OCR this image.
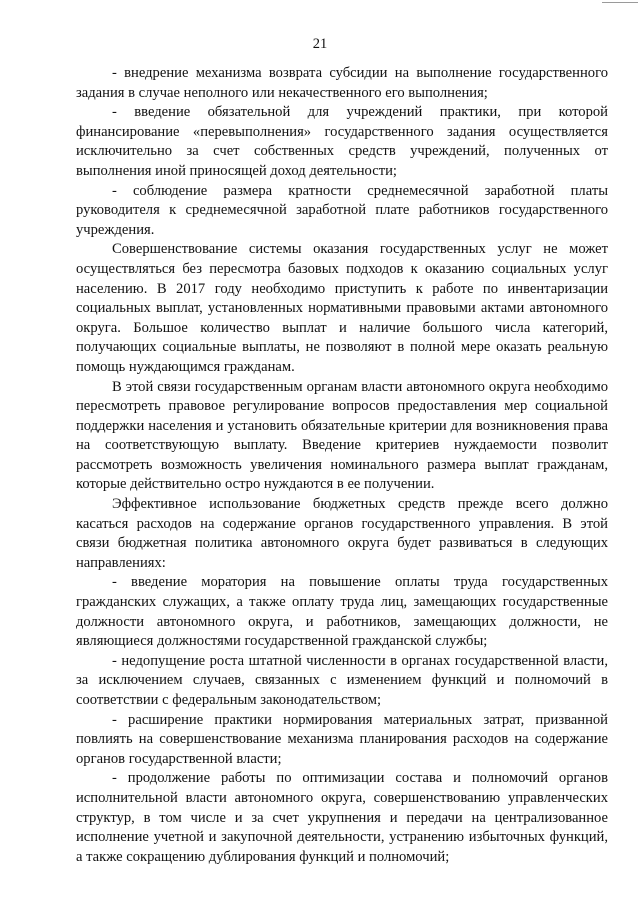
21

- внедрение механизма возврата субсидии на выполнение государственного задания в случае неполного или некачественного его выполнения;

- введение обязательной для учреждений практики, при которой финансирование «перевыполнения» государственного задания осуществляется исключительно за счет собственных средств учреждений, полученных от выполнения иной приносящей доход деятельности;

- соблюдение размера кратности среднемесячной заработной платы руководителя к среднемесячной заработной плате работников государственного учреждения.

Совершенствование системы оказания государственных услуг не может осуществляться без пересмотра базовых подходов к оказанию социальных услуг населению. В 2017 году необходимо приступить к работе по инвентаризации социальных выплат, установленных нормативными правовыми актами автономного округа. Большое количество выплат и наличие большого числа категорий, получающих социальные выплаты, не позволяют в полной мере оказать реальную помощь нуждающимся гражданам.

В этой связи государственным органам власти автономного округа необходимо пересмотреть правовое регулирование вопросов предоставления мер социальной поддержки населения и установить обязательные критерии для возникновения права на соответствующую выплату. Введение критериев нуждаемости позволит рассмотреть возможность увеличения номинального размера выплат гражданам, которые действительно остро нуждаются в ее получении.

Эффективное использование бюджетных средств прежде всего должно касаться расходов на содержание органов государственного управления. В этой связи бюджетная политика автономного округа будет развиваться в следующих направлениях:

- введение моратория на повышение оплаты труда государственных гражданских служащих, а также оплату труда лиц, замещающих государственные должности автономного округа, и работников, замещающих должности, не являющиеся должностями государственной гражданской службы;

- недопущение роста штатной численности в органах государственной власти, за исключением случаев, связанных с изменением функций и полномочий в соответствии с федеральным законодательством;

- расширение практики нормирования материальных затрат, призванной повлиять на совершенствование механизма планирования расходов на содержание органов государственной власти;

- продолжение работы по оптимизации состава и полномочий органов исполнительной власти автономного округа, совершенствованию управленческих структур, в том числе и за счет укрупнения и передачи на централизованное исполнение учетной и закупочной деятельности, устранению избыточных функций, а также сокращению дублирования функций и полномочий;
